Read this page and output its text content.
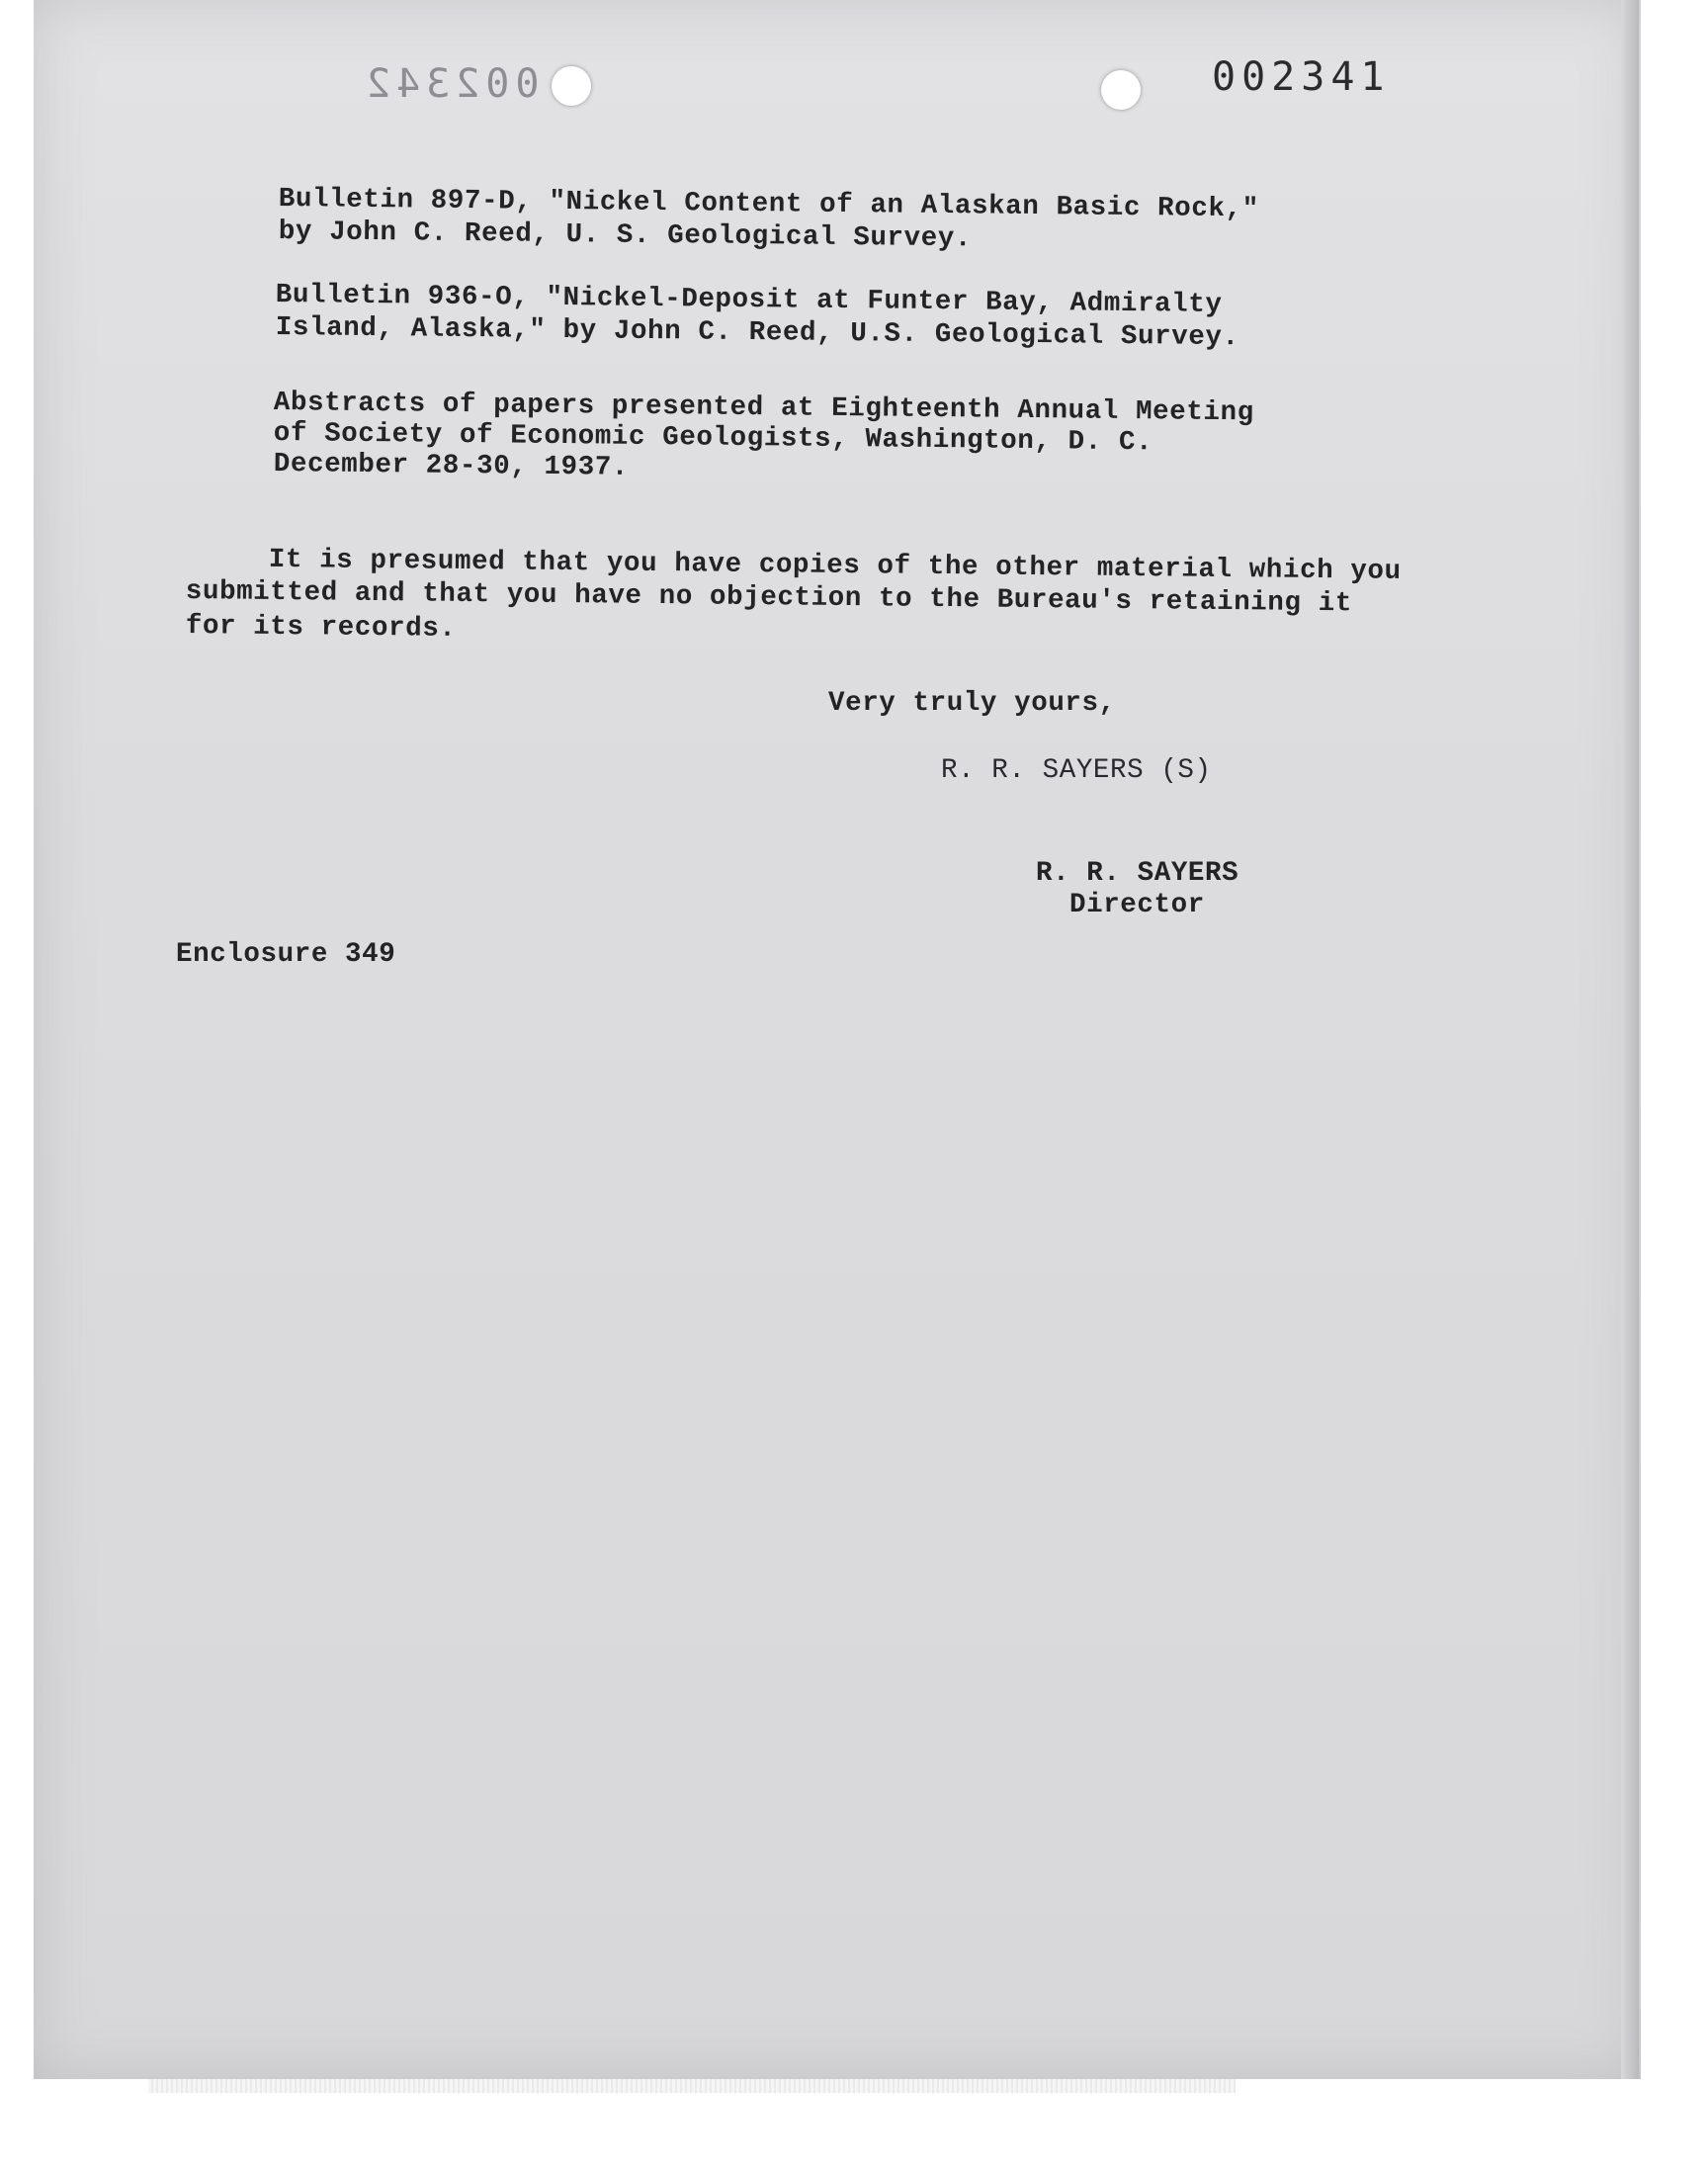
002342	002341
Bulletin 897-D, "Nickel Content of an Alaskan Basic Rock,"
by John C. Reed, U. S. Geological Survey.
Bulletin 936-O, "Nickel-Deposit at Funter Bay, Admiralty
Island, Alaska," by John C. Reed, U.S. Geological Survey.
Abstracts of papers presented at Eighteenth Annual Meeting
of Society of Economic Geologists, Washington, D. C.
December 28-30, 1937.
It is presumed that you have copies of the other material which you
submitted and that you have no objection to the Bureau's retaining it
for its records.
Very truly yours,
R. R. SAYERS (S)
R. R. SAYERS
Director
Enclosure 349
